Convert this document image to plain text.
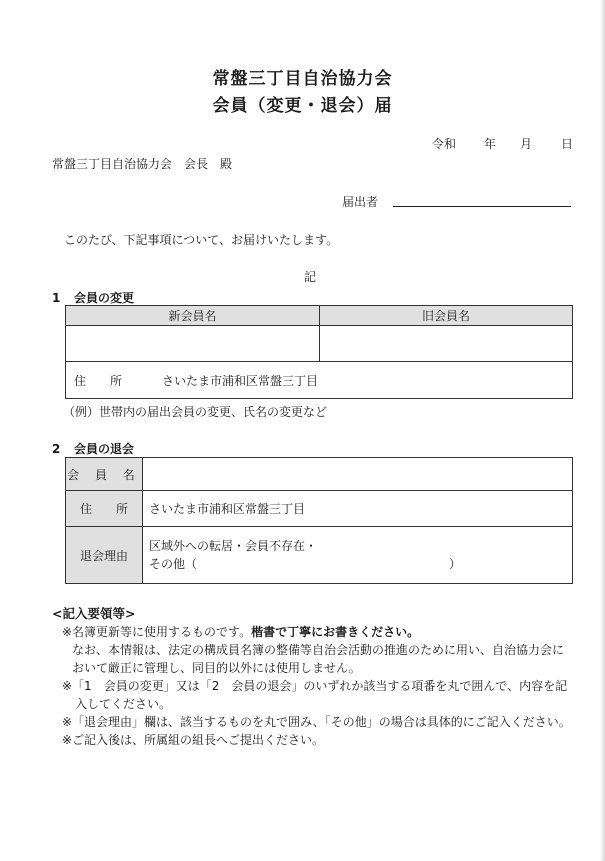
常盤三丁目自治協力会
会員（変更・退会）届
令和 年 月 日
常盤三丁目自治協力会　会長　殿
届出者
このたび、下記事項について、お届けいたします。
記
1 会員の変更
新会員名	旧会員名

住　　所 さいたま市浦和区常盤三丁目	
（例）世帯内の届出会員の変更、氏名の変更など
2 会員の退会
会 員 名	
住　　所	さいたま市浦和区常盤三丁目
退会理由	区域外への転居・会員不存在・
その他（　　　　　　　　　　　　　　　　　　　　　）
<記入要領等>
※名簿更新等に使用するものです。楷書で丁寧にお書きください。
なお、本情報は、法定の構成員名簿の整備等自治会活動の推進のために用い、自治協力会において厳正に管理し、同目的以外には使用しません。
※「1　会員の変更」又は「2　会員の退会」のいずれか該当する項番を丸で囲んで、内容を記入してください。
※「退会理由」欄は、該当するものを丸で囲み、「その他」の場合は具体的にご記入ください。
※ご記入後は、所属組の組長へご提出ください。
